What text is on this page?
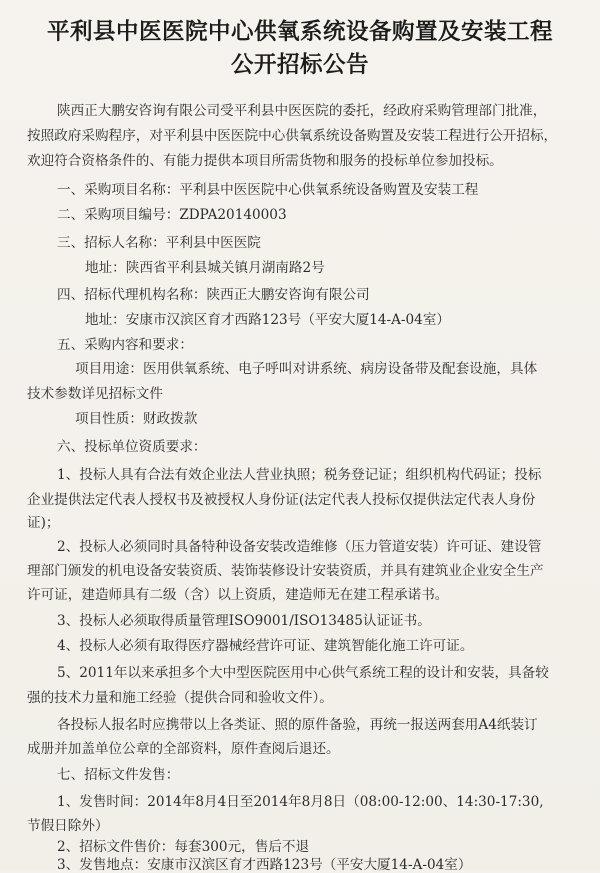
平利县中医医院中心供氧系统设备购置及安装工程
公开招标公告
陕西正大鹏安咨询有限公司受平利县中医医院的委托，经政府采购管理部门批准，
按照政府采购程序，对平利县中医医院中心供氧系统设备购置及安装工程进行公开招标，
欢迎符合资格条件的、有能力提供本项目所需货物和服务的投标单位参加投标。
一、采购项目名称：平利县中医医院中心供氧系统设备购置及安装工程
二、采购项目编号：ZDPA20140003
三、招标人名称：平利县中医医院
地址：陕西省平利县城关镇月湖南路2号
四、招标代理机构名称：陕西正大鹏安咨询有限公司
地址：安康市汉滨区育才西路123号（平安大厦14-A-04室）
五、采购内容和要求：
项目用途：医用供氧系统、电子呼叫对讲系统、病房设备带及配套设施，具体
技术参数详见招标文件
项目性质：财政拨款
六、投标单位资质要求：
1、投标人具有合法有效企业法人营业执照；税务登记证；组织机构代码证；投标
企业提供法定代表人授权书及被授权人身份证(法定代表人投标仅提供法定代表人身份
证)；
2、投标人必须同时具备特种设备安装改造维修（压力管道安装）许可证、建设管
理部门颁发的机电设备安装资质、装饰装修设计安装资质，并具有建筑业企业安全生产
许可证，建造师具有二级（含）以上资质，建造师无在建工程承诺书。
3、投标人必须取得质量管理ISO9001/ISO13485认证证书。
4、投标人必须有取得医疗器械经营许可证、建筑智能化施工许可证。
5、2011年以来承担多个大中型医院医用中心供气系统工程的设计和安装，具备较
强的技术力量和施工经验（提供合同和验收文件）。
各投标人报名时应携带以上各类证、照的原件备验，再统一报送两套用A4纸装订
成册并加盖单位公章的全部资料，原件查阅后退还。
七、招标文件发售：
1、发售时间：2014年8月4日至2014年8月8日（08:00-12:00、14:30-17:30,
节假日除外）
2、招标文件售价：每套300元，售后不退
3、发售地点：安康市汉滨区育才西路123号（平安大厦14-A-04室）
